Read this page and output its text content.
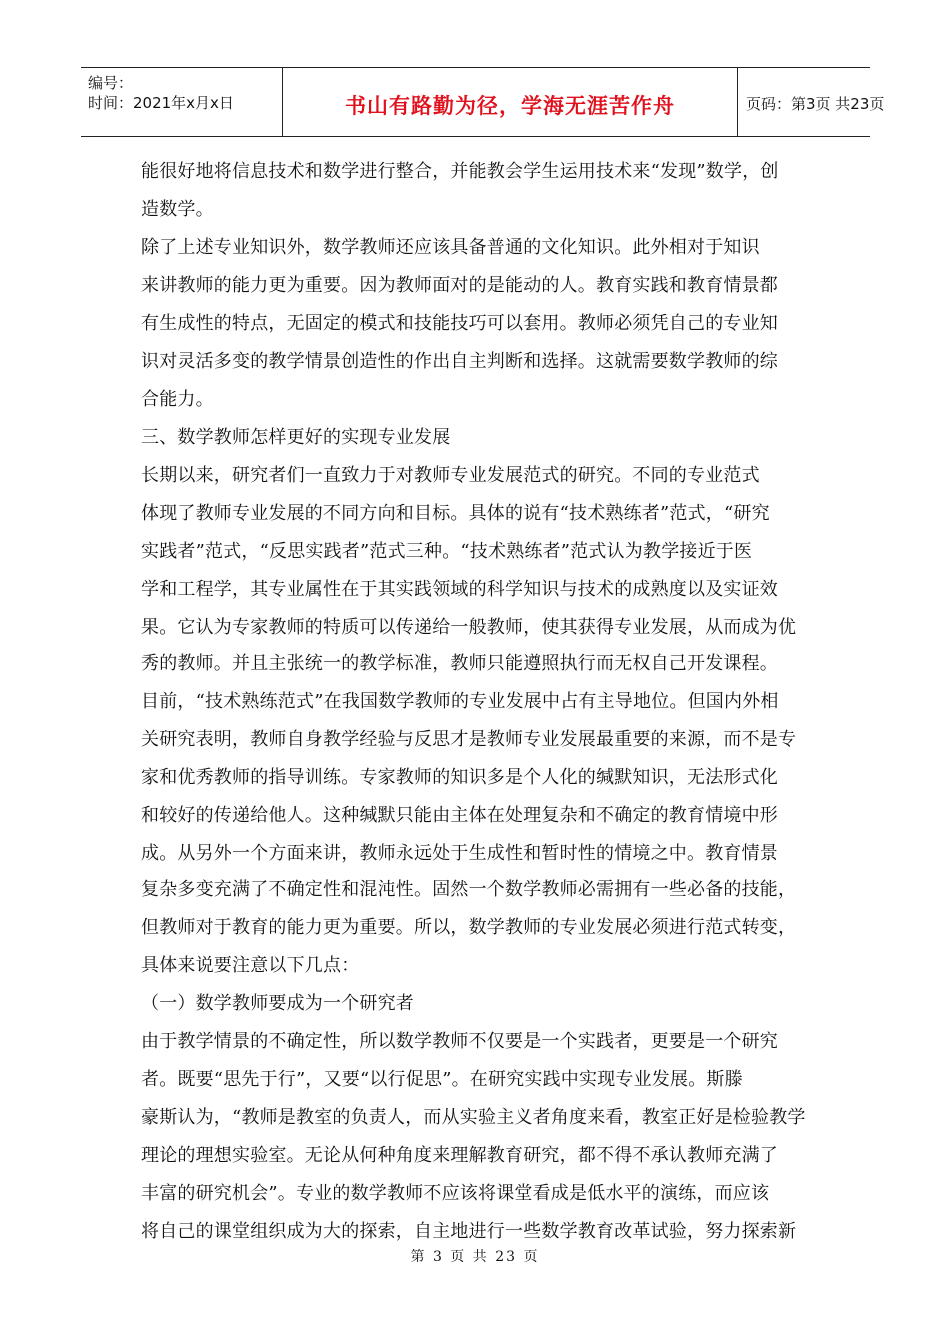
编号：
时间：2021年x月x日	书山有路勤为径，学海无涯苦作舟	页码：第3页 共23页
能很好地将信息技术和数学进行整合，并能教会学生运用技术来“发现”数学，创
造数学。
除了上述专业知识外，数学教师还应该具备普通的文化知识。此外相对于知识
来讲教师的能力更为重要。因为教师面对的是能动的人。教育实践和教育情景都
有生成性的特点，无固定的模式和技能技巧可以套用。教师必须凭自己的专业知
识对灵活多变的教学情景创造性的作出自主判断和选择。这就需要数学教师的综
合能力。
三、数学教师怎样更好的实现专业发展
长期以来，研究者们一直致力于对教师专业发展范式的研究。不同的专业范式
体现了教师专业发展的不同方向和目标。具体的说有“技术熟练者”范式，“研究
实践者”范式，“反思实践者”范式三种。“技术熟练者”范式认为教学接近于医
学和工程学，其专业属性在于其实践领域的科学知识与技术的成熟度以及实证效
果。它认为专家教师的特质可以传递给一般教师，使其获得专业发展，从而成为优
秀的教师。并且主张统一的教学标准，教师只能遵照执行而无权自己开发课程。
目前，“技术熟练范式”在我国数学教师的专业发展中占有主导地位。但国内外相
关研究表明，教师自身教学经验与反思才是教师专业发展最重要的来源，而不是专
家和优秀教师的指导训练。专家教师的知识多是个人化的缄默知识，无法形式化
和较好的传递给他人。这种缄默只能由主体在处理复杂和不确定的教育情境中形
成。从另外一个方面来讲，教师永远处于生成性和暂时性的情境之中。教育情景
复杂多变充满了不确定性和混沌性。固然一个数学教师必需拥有一些必备的技能，
但教师对于教育的能力更为重要。所以，数学教师的专业发展必须进行范式转变，
具体来说要注意以下几点：
（一）数学教师要成为一个研究者
由于教学情景的不确定性，所以数学教师不仅要是一个实践者，更要是一个研究
者。既要“思先于行”，又要“以行促思”。在研究实践中实现专业发展。斯滕
豪斯认为，“教师是教室的负责人，而从实验主义者角度来看，教室正好是检验教学
理论的理想实验室。无论从何种角度来理解教育研究，都不得不承认教师充满了
丰富的研究机会”。专业的数学教师不应该将课堂看成是低水平的演练，而应该
将自己的课堂组织成为大的探索，自主地进行一些数学教育改革试验，努力探索新
第 3 页 共 23 页
